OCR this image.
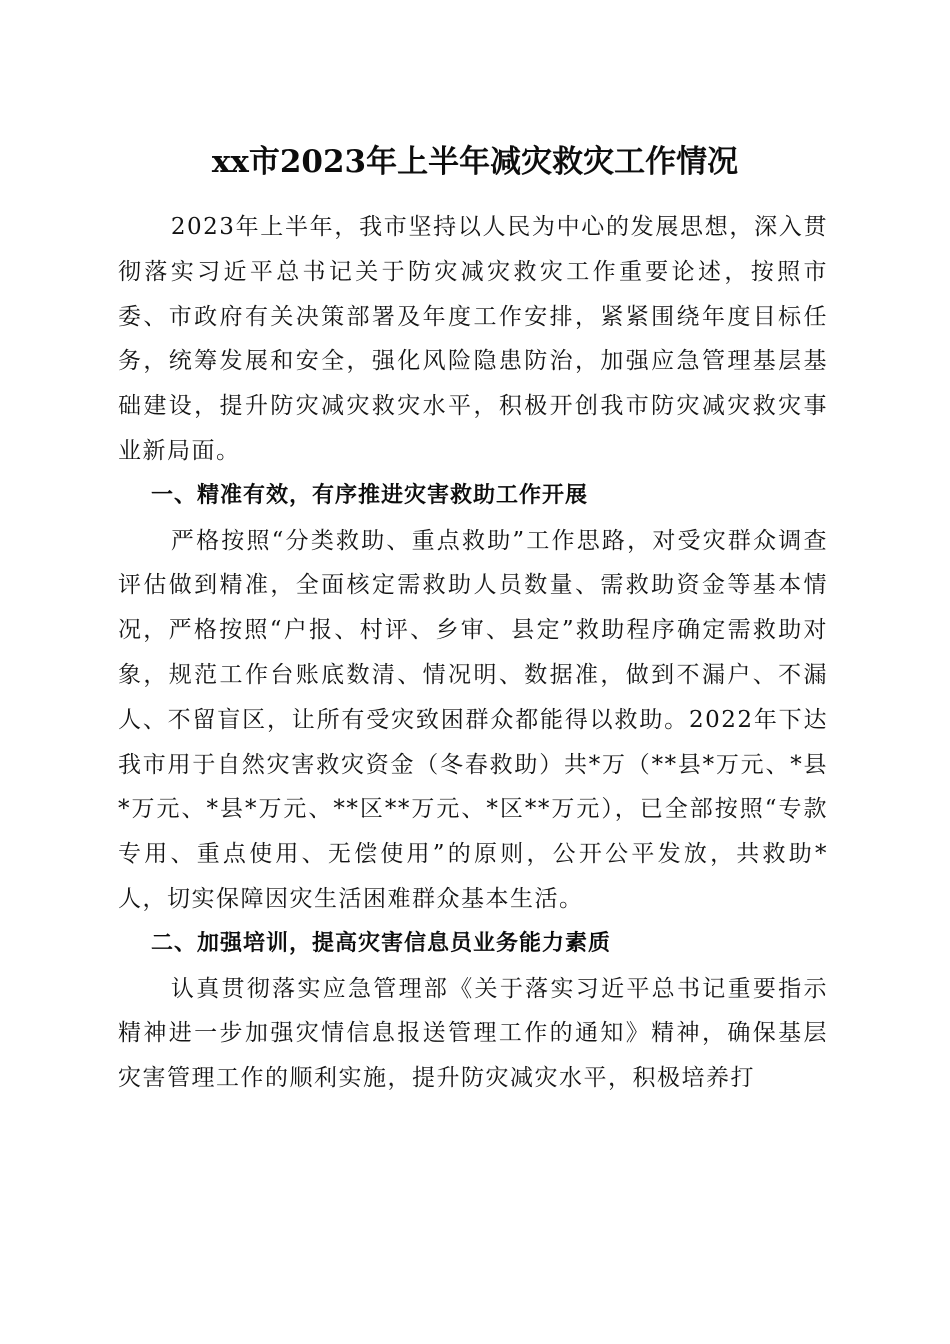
xx市2023年上半年减灾救灾工作情况

2023年上半年，我市坚持以人民为中心的发展思想，深入贯彻落实习近平总书记关于防灾减灾救灾工作重要论述，按照市委、市政府有关决策部署及年度工作安排，紧紧围绕年度目标任务，统筹发展和安全，强化风险隐患防治，加强应急管理基层基础建设，提升防灾减灾救灾水平，积极开创我市防灾减灾救灾事业新局面。

一、精准有效，有序推进灾害救助工作开展

严格按照“分类救助、重点救助”工作思路，对受灾群众调查评估做到精准，全面核定需救助人员数量、需救助资金等基本情况，严格按照“户报、村评、乡审、县定”救助程序确定需救助对象，规范工作台账底数清、情况明、数据准，做到不漏户、不漏人、不留盲区，让所有受灾致困群众都能得以救助。2022年下达我市用于自然灾害救灾资金（冬春救助）共*万（**县*万元、*县*万元、*县*万元、**区**万元、*区**万元），已全部按照“专款专用、重点使用、无偿使用”的原则，公开公平发放，共救助*人，切实保障因灾生活困难群众基本生活。

二、加强培训，提高灾害信息员业务能力素质

认真贯彻落实应急管理部《关于落实习近平总书记重要指示精神进一步加强灾情信息报送管理工作的通知》精神，确保基层灾害管理工作的顺利实施，提升防灾减灾水平，积极培养打
